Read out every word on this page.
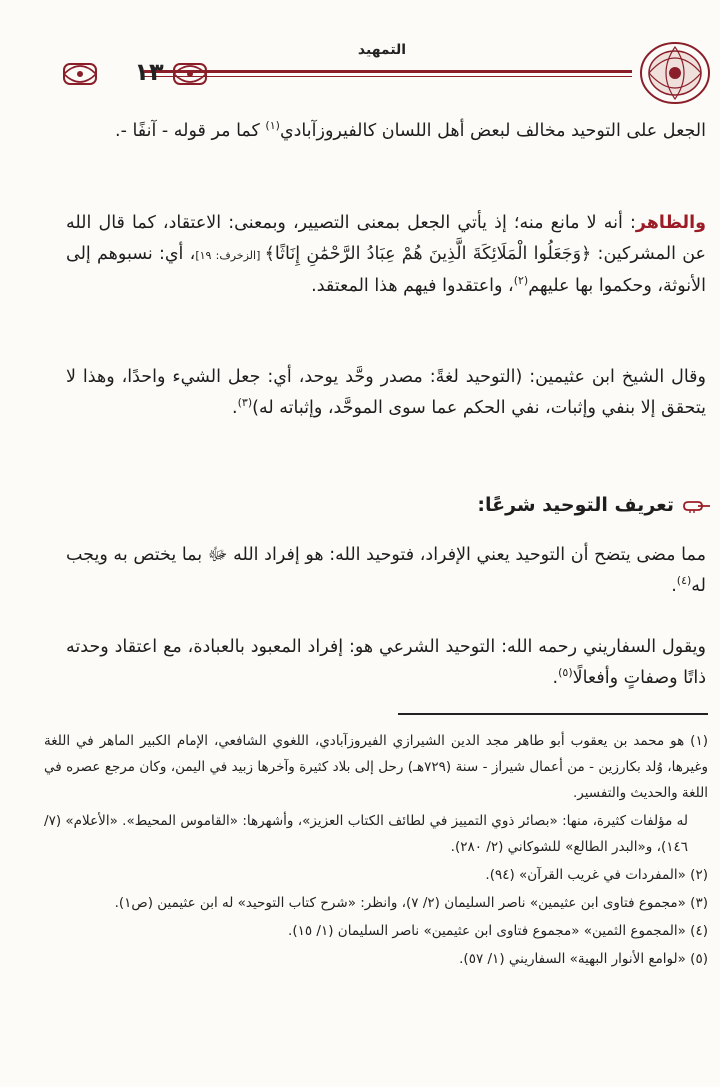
التمهيد
١٣

الجعل على التوحيد مخالف لبعض أهل اللسان كالفيروزآبادي$^{(١)}$ كما مر قوله - آنفًا -.

والظاهر: أنه لا مانع منه؛ إذ يأتي الجعل بمعنى التصيير، وبمعنى: الاعتقاد، كما قال الله عن المشركين: ﴿وَجَعَلُوا الْمَلَائِكَةَ الَّذِينَ هُمْ عِبَادُ الرَّحْمَٰنِ إِنَاثًا﴾ [الزخرف: ١٩]، أي: نسبوهم إلى الأنوثة، وحكموا بها عليهم$^{(٢)}$، واعتقدوا فيهم هذا المعتقد.

وقال الشيخ ابن عثيمين: (التوحيد لغةً: مصدر وحَّد يوحد، أي: جعل الشيء واحدًا، وهذا لا يتحقق إلا بنفي وإثبات، نفي الحكم عما سوى الموحَّد، وإثباته له)$^{(٣)}$.

تعريف التوحيد شرعًا:

مما مضى يتضح أن التوحيد يعني الإفراد، فتوحيد الله: هو إفراد الله ﷻ بما يختص به ويجب له$^{(٤)}$.

ويقول السفاريني رحمه الله: التوحيد الشرعي هو: إفراد المعبود بالعبادة، مع اعتقاد وحدته ذاتًا وصفاتٍ وأفعالًا$^{(٥)}$.

(١) هو محمد بن يعقوب أبو طاهر مجد الدين الشيرازي الفيروزآبادي، اللغوي الشافعي، الإمام الكبير الماهر في اللغة وغيرها، وُلد بكارزين - من أعمال شيراز - سنة (٧٢٩هـ) رحل إلى بلاد كثيرة وآخرها زبيد في اليمن، وكان مرجع عصره في اللغة والحديث والتفسير.

له مؤلفات كثيرة، منها: «بصائر ذوي التمييز في لطائف الكتاب العزيز»، وأشهرها: «القاموس المحيط». «الأعلام» (٧/ ١٤٦)، و«البدر الطالع» للشوكاني (٢/ ٢٨٠).

(٢) «المفردات في غريب القرآن» (٩٤).

(٣) «مجموع فتاوى ابن عثيمين» ناصر السليمان (٢/ ٧)، وانظر: «شرح كتاب التوحيد» له ابن عثيمين (ص١).

(٤) «المجموع الثمين» «مجموع فتاوى ابن عثيمين» ناصر السليمان (١/ ١٥).

(٥) «لوامع الأنوار البهية» السفاريني (١/ ٥٧).
